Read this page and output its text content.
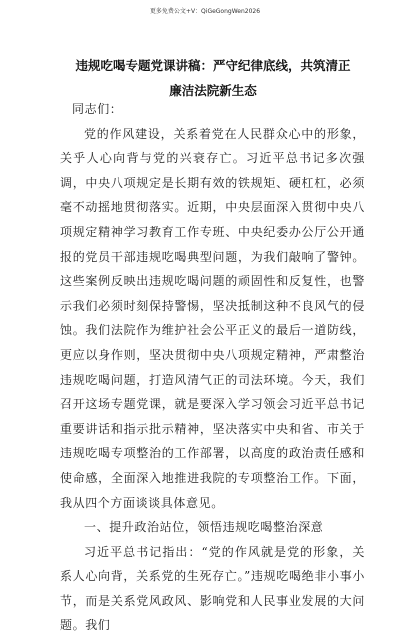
更多免费公文+V：QiGeGongWen2026
违规吃喝专题党课讲稿：严守纪律底线，共筑清正廉洁法院新生态

同志们：

党的作风建设，关系着党在人民群众心中的形象，关乎人心向背与党的兴衰存亡。习近平总书记多次强调，中央八项规定是长期有效的铁规矩、硬杠杠，必须毫不动摇地贯彻落实。近期，中央层面深入贯彻中央八项规定精神学习教育工作专班、中央纪委办公厅公开通报的党员干部违规吃喝典型问题，为我们敲响了警钟。这些案例反映出违规吃喝问题的顽固性和反复性，也警示我们必须时刻保持警惕，坚决抵制这种不良风气的侵蚀。我们法院作为维护社会公平正义的最后一道防线，更应以身作则，坚决贯彻中央八项规定精神，严肃整治违规吃喝问题，打造风清气正的司法环境。今天，我们召开这场专题党课，就是要深入学习领会习近平总书记重要讲话和指示批示精神，坚决落实中央和省、市关于违规吃喝专项整治的工作部署，以高度的政治责任感和使命感，全面深入地推进我院的专项整治工作。下面，我从四个方面谈谈具体意见。

一、提升政治站位，领悟违规吃喝整治深意

习近平总书记指出：“党的作风就是党的形象，关系人心向背，关系党的生死存亡。”违规吃喝绝非小事小节，而是关系党风政风、影响党和人民事业发展的大问题。我们
